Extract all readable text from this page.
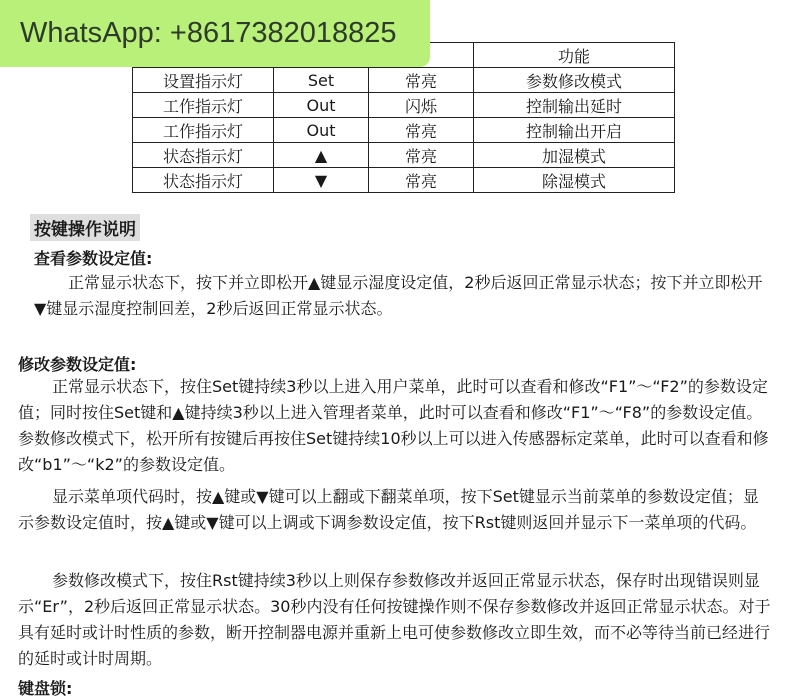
WhatsApp: +8617382018825
			功能
设置指示灯	Set	常亮	参数修改模式
工作指示灯	Out	闪烁	控制输出延时
工作指示灯	Out	常亮	控制输出开启
状态指示灯	▲	常亮	加湿模式
状态指示灯	▼	常亮	除湿模式
按键操作说明
查看参数设定值:

正常显示状态下，按下并立即松开▲键显示湿度设定值，2秒后返回正常显示状态；按下并立即松开▼键显示湿度控制回差，2秒后返回正常显示状态。

修改参数设定值:

正常显示状态下，按住Set键持续3秒以上进入用户菜单，此时可以查看和修改“F1”～“F2”的参数设定值；同时按住Set键和▲键持续3秒以上进入管理者菜单，此时可以查看和修改“F1”～“F8”的参数设定值。参数修改模式下，松开所有按键后再按住Set键持续10秒以上可以进入传感器标定菜单，此时可以查看和修改“b1”～“k2”的参数设定值。

显示菜单项代码时，按▲键或▼键可以上翻或下翻菜单项，按下Set键显示当前菜单的参数设定值；显示参数设定值时，按▲键或▼键可以上调或下调参数设定值，按下Rst键则返回并显示下一菜单项的代码。

参数修改模式下，按住Rst键持续3秒以上则保存参数修改并返回正常显示状态，保存时出现错误则显示“Er”，2秒后返回正常显示状态。30秒内没有任何按键操作则不保存参数修改并返回正常显示状态。对于具有延时或计时性质的参数，断开控制器电源并重新上电可使参数修改立即生效，而不必等待当前已经进行的延时或计时周期。

键盘锁:
